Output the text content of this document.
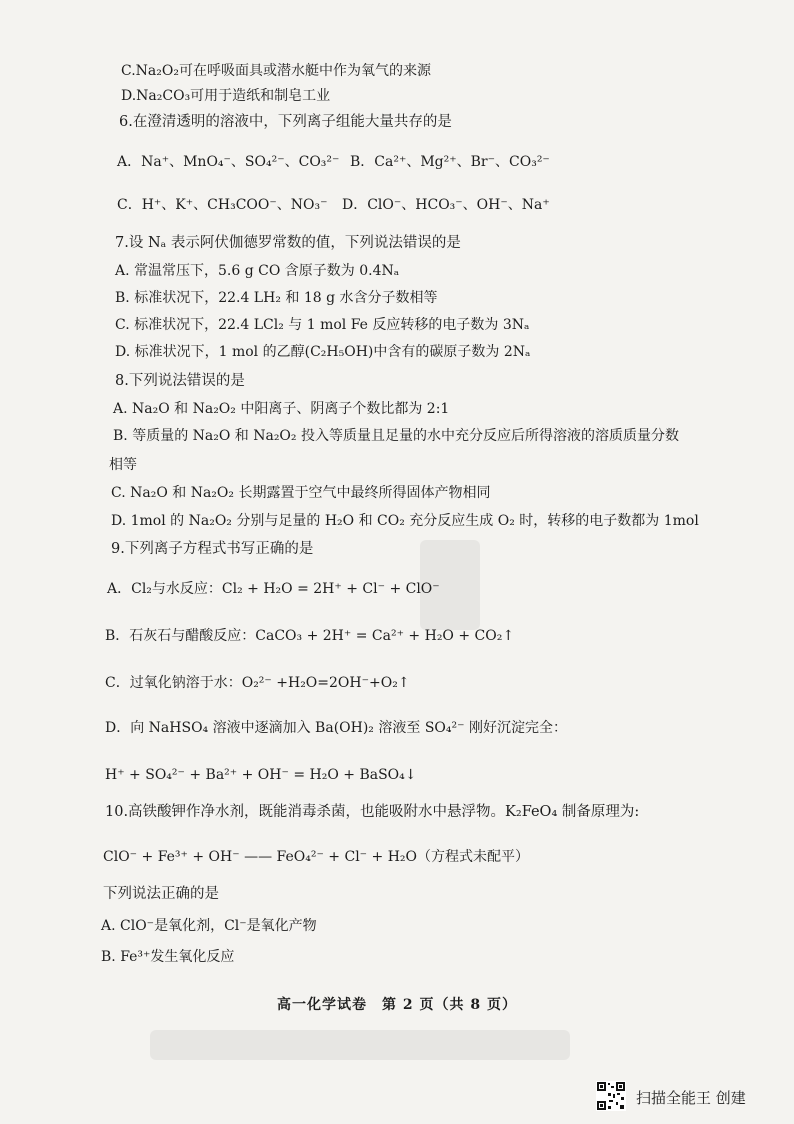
C.Na₂O₂可在呼吸面具或潜水艇中作为氧气的来源
D.Na₂CO₃可用于造纸和制皂工业
6.在澄清透明的溶液中，下列离子组能大量共存的是
A．Na⁺、MnO₄⁻、SO₄²⁻、CO₃²⁻ B．Ca²⁺、Mg²⁺、Br⁻、CO₃²⁻
C．H⁺、K⁺、CH₃COO⁻、NO₃⁻ D．ClO⁻、HCO₃⁻、OH⁻、Na⁺
7.设 Nₐ 表示阿伏伽德罗常数的值，下列说法错误的是
A. 常温常压下，5.6 g CO 含原子数为 0.4Nₐ
B. 标准状况下，22.4 LH₂ 和 18 g 水含分子数相等
C. 标准状况下，22.4 LCl₂ 与 1 mol Fe 反应转移的电子数为 3Nₐ
D. 标准状况下，1 mol 的乙醇(C₂H₅OH)中含有的碳原子数为 2Nₐ
8.下列说法错误的是
A. Na₂O 和 Na₂O₂ 中阳离子、阴离子个数比都为 2:1
B. 等质量的 Na₂O 和 Na₂O₂ 投入等质量且足量的水中充分反应后所得溶液的溶质质量分数
相等
C. Na₂O 和 Na₂O₂ 长期露置于空气中最终所得固体产物相同
D. 1mol 的 Na₂O₂ 分别与足量的 H₂O 和 CO₂ 充分反应生成 O₂ 时，转移的电子数都为 1mol
9.下列离子方程式书写正确的是
A．Cl₂与水反应：Cl₂ + H₂O = 2H⁺ + Cl⁻ + ClO⁻
B．石灰石与醋酸反应：CaCO₃ + 2H⁺ = Ca²⁺ + H₂O + CO₂↑
C．过氧化钠溶于水：O₂²⁻ +H₂O=2OH⁻+O₂↑
D．向 NaHSO₄ 溶液中逐滴加入 Ba(OH)₂ 溶液至 SO₄²⁻ 刚好沉淀完全：
H⁺ + SO₄²⁻ + Ba²⁺ + OH⁻ = H₂O + BaSO₄↓
10.高铁酸钾作净水剂，既能消毒杀菌，也能吸附水中悬浮物。K₂FeO₄ 制备原理为:
ClO⁻ + Fe³⁺ + OH⁻ —— FeO₄²⁻ + Cl⁻ + H₂O（方程式未配平）
下列说法正确的是
A. ClO⁻是氧化剂，Cl⁻是氧化产物
B. Fe³⁺发生氧化反应
高一化学试卷　第 2 页（共 8 页）
扫描全能王 创建
